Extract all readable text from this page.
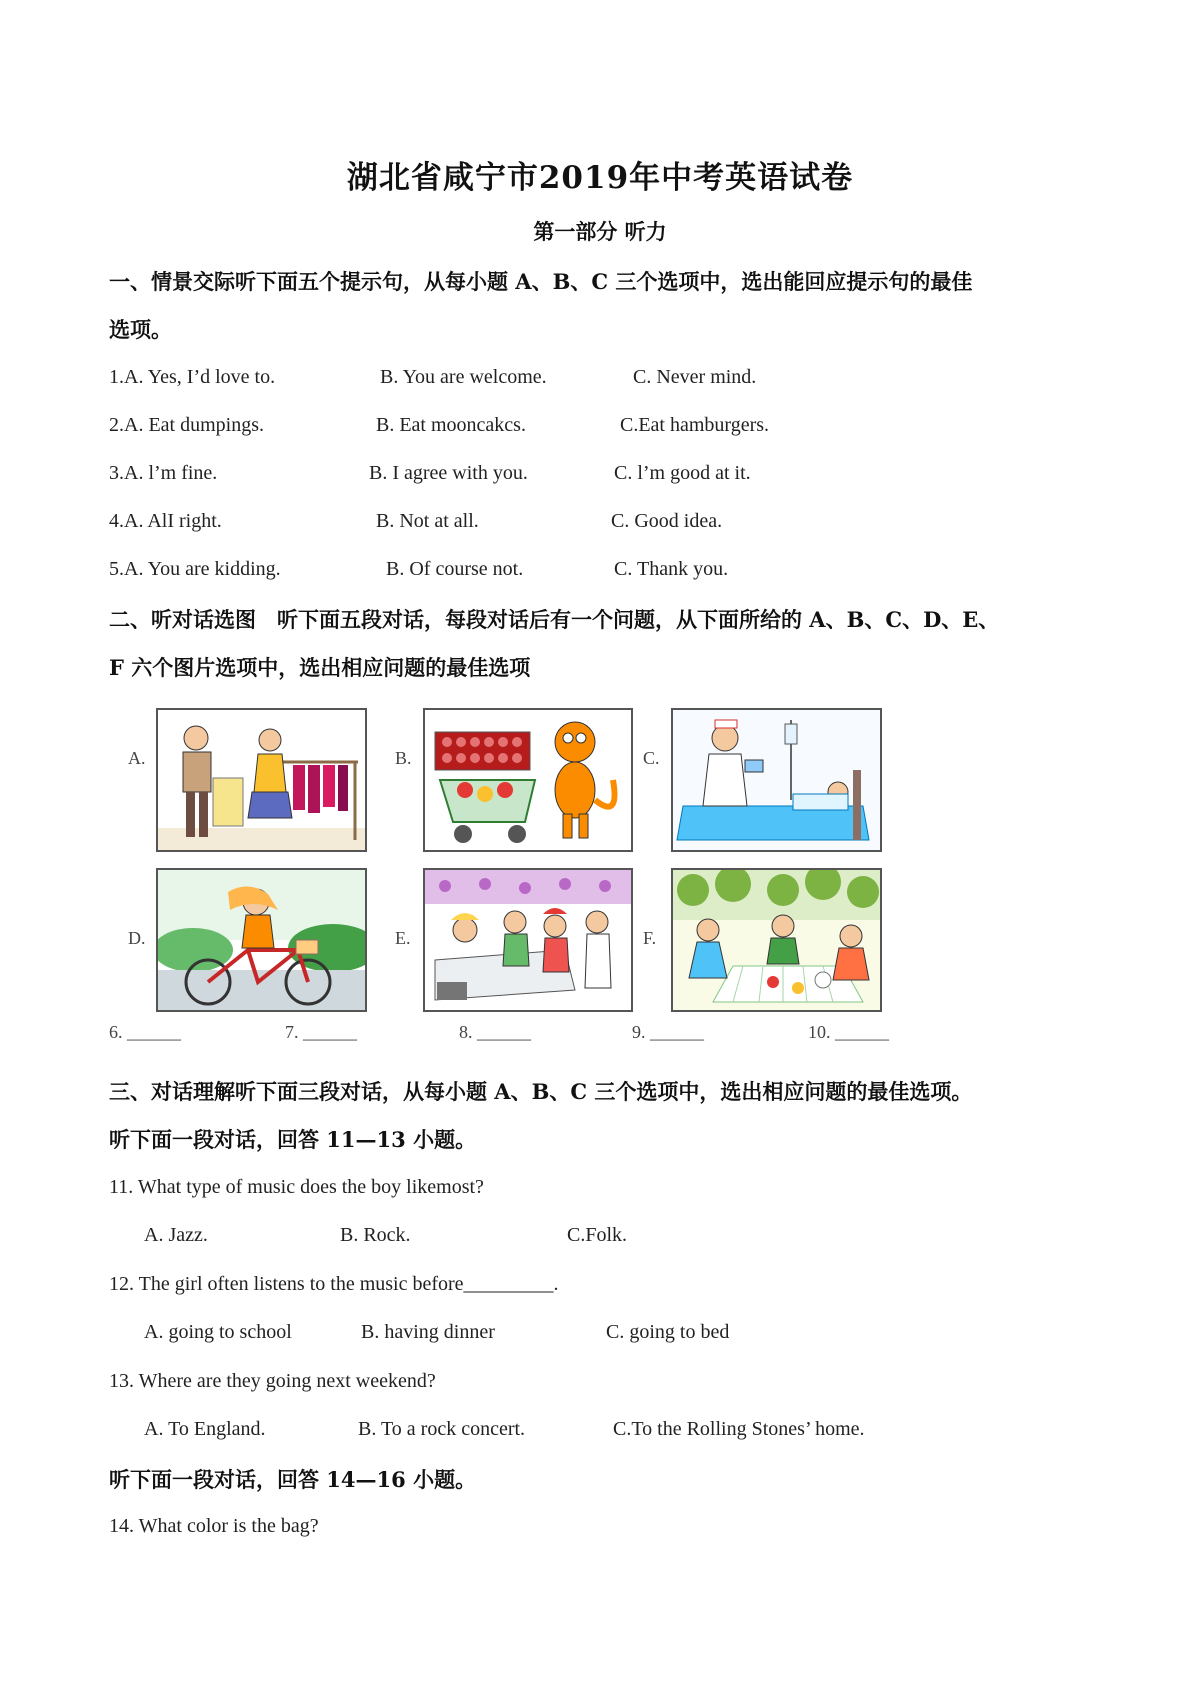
湖北省咸宁市2019年中考英语试卷
第一部分 听力
一、情景交际听下面五个提示句，从每小题 A、B、C 三个选项中，选出能回应提示句的最佳
选项。
1.A. Yes, I’d love to.	B. You are welcome.	C. Never mind.
2.A. Eat dumpings.	B. Eat mooncakcs.	C.Eat hamburgers.
3.A. l’m fine.	B. I agree with you.	C. l’m good at it.
4.A. AlI right.	B. Not at all.	C. Good idea.
5.A. You are kidding.	B. Of course not.	C. Thank you.
二、听对话选图　听下面五段对话，每段对话后有一个问题，从下面所给的 A、B、C、D、E、
F 六个图片选项中，选出相应问题的最佳选项
A.	B.	C.
D.	E.	F.
6. ______	7. ______	8. ______	9. ______	10. ______
三、对话理解听下面三段对话，从每小题 A、B、C 三个选项中，选出相应问题的最佳选项。
听下面一段对话，回答 11—13 小题。
11. What type of music does the boy likemost?
A. Jazz.	B. Rock.	C.Folk.
12. The girl often listens to the music before_________.
A. going to school	B. having dinner	C. going to bed
13. Where are they going next weekend?
A. To England.	B. To a rock concert.	C.To the Rolling Stones’ home.
听下面一段对话，回答 14—16 小题。
14. What color is the bag?
